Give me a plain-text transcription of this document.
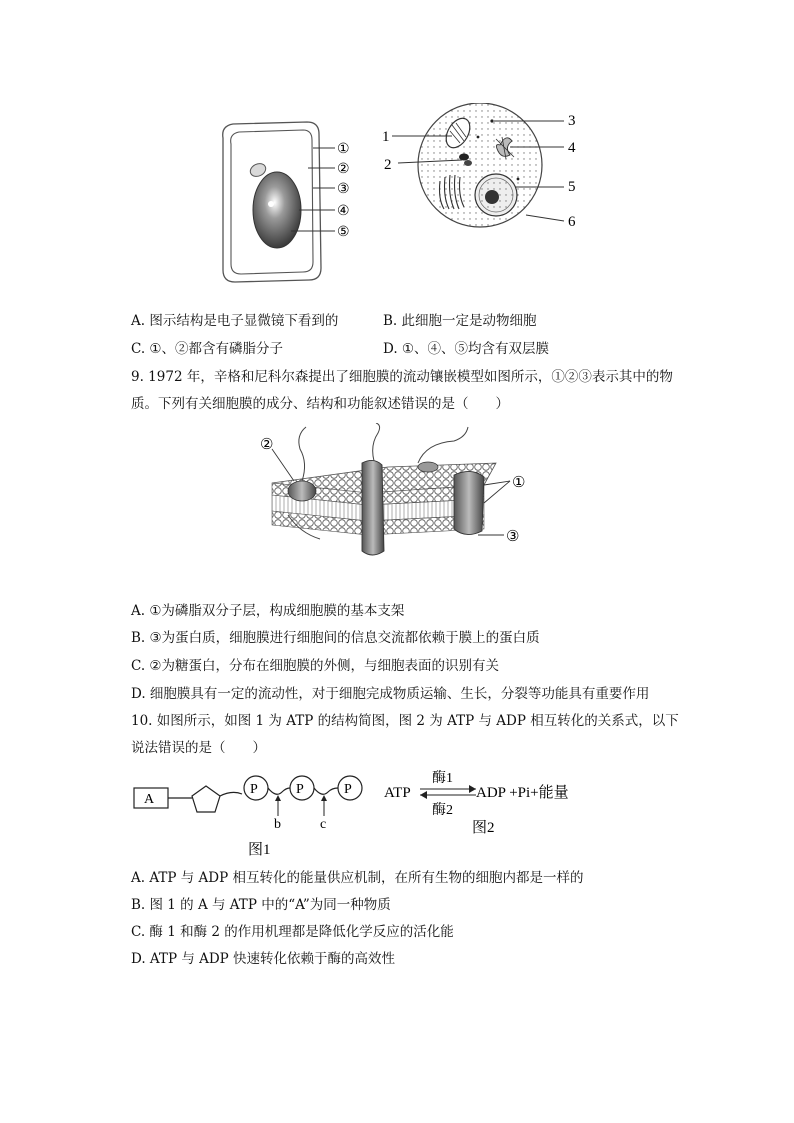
①
②
③
④
⑤
1
2
3
4
5
6
A. 图示结构是电子显微镜下看到的	B. 此细胞一定是动物细胞
C. ①、②都含有磷脂分子	D. ①、④、⑤均含有双层膜
9. 1972 年，辛格和尼科尔森提出了细胞膜的流动镶嵌模型如图所示，①②③表示其中的物
质。下列有关细胞膜的成分、结构和功能叙述错误的是（　　）
②
①
③
A. ①为磷脂双分子层，构成细胞膜的基本支架
B. ③为蛋白质，细胞膜进行细胞间的信息交流都依赖于膜上的蛋白质
C. ②为糖蛋白，分布在细胞膜的外侧，与细胞表面的识别有关
D. 细胞膜具有一定的流动性，对于细胞完成物质运输、生长，分裂等功能具有重要作用
10. 如图所示，如图 1 为 ATP 的结构简图，图 2 为 ATP 与 ADP 相互转化的关系式，以下
说法错误的是（　　）
A
P	P	P
b	c
图1
ATP	ADP +Pi+能量
酶1
酶2
图2
A. ATP 与 ADP 相互转化的能量供应机制，在所有生物的细胞内都是一样的
B. 图 1 的 A 与 ATP 中的“A”为同一种物质
C. 酶 1 和酶 2 的作用机理都是降低化学反应的活化能
D. ATP 与 ADP 快速转化依赖于酶的高效性
